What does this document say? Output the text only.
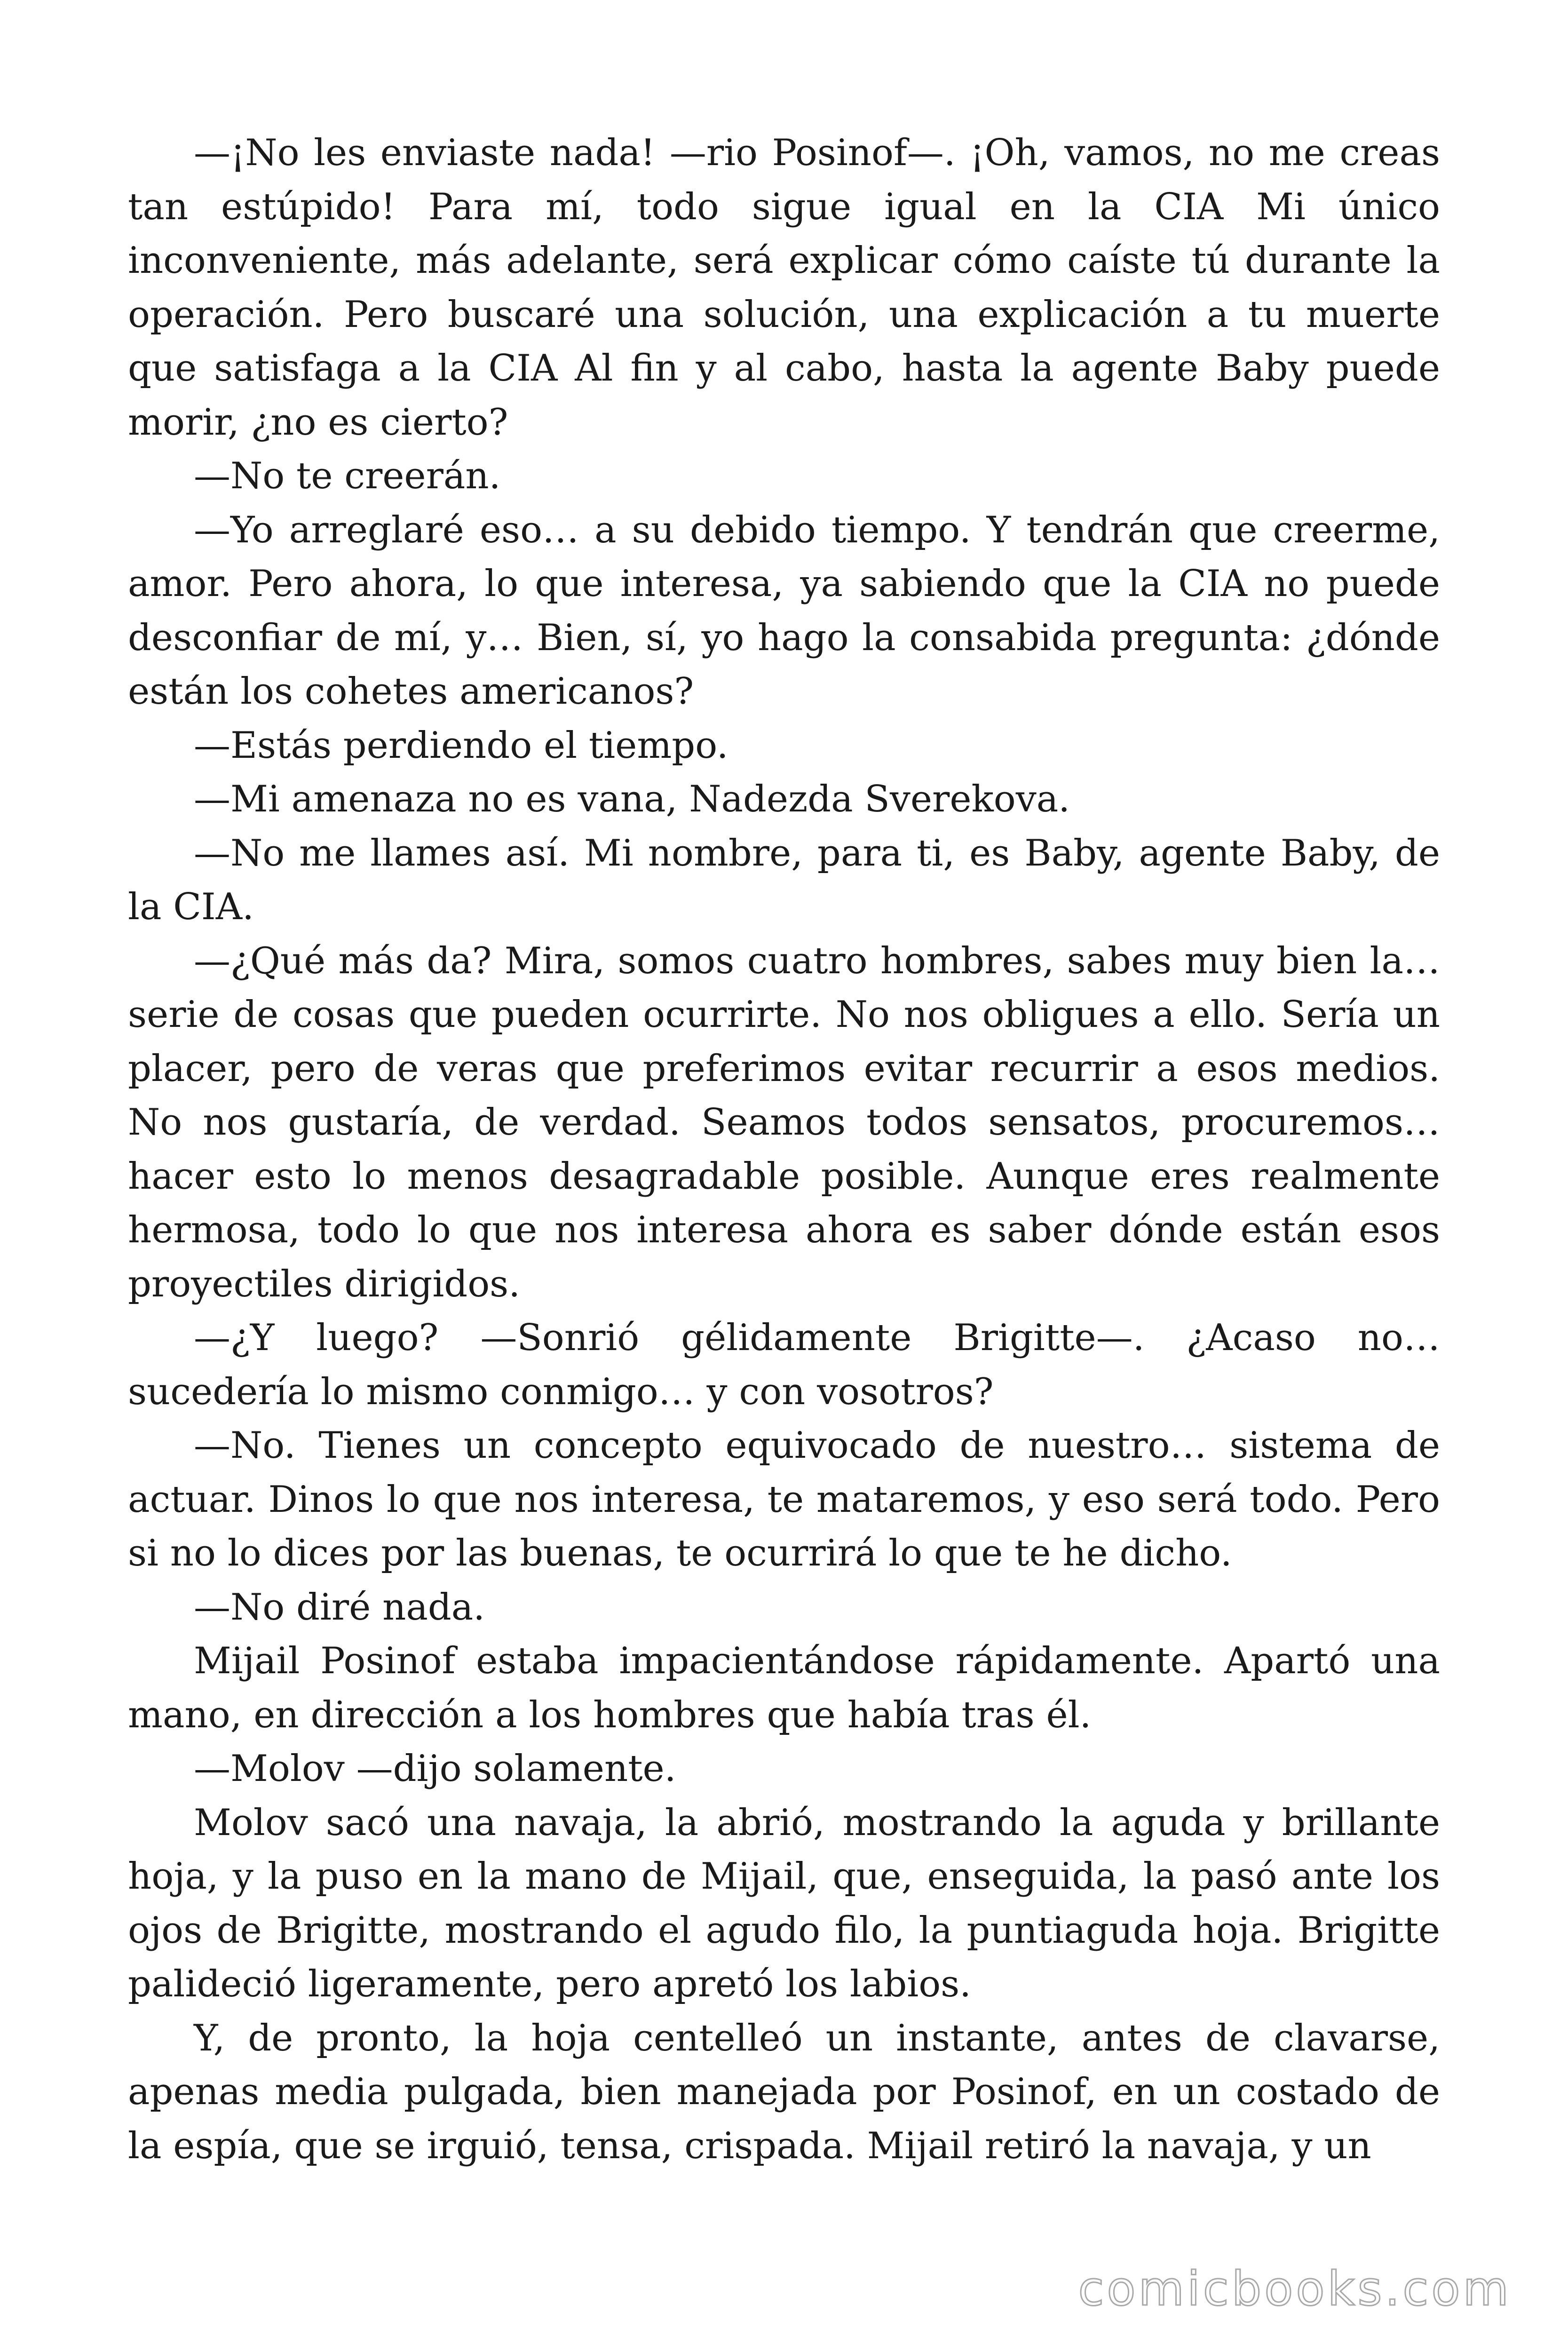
—¡No les enviaste nada! —rio Posinof—. ¡Oh, vamos, no me creas tan estúpido! Para mí, todo sigue igual en la CIA Mi único inconveniente, más adelante, será explicar cómo caíste tú durante la operación. Pero buscaré una solución, una explicación a tu muerte que satisfaga a la CIA Al fin y al cabo, hasta la agente Baby puede morir, ¿no es cierto?

—No te creerán.

—Yo arreglaré eso… a su debido tiempo. Y tendrán que creerme, amor. Pero ahora, lo que interesa, ya sabiendo que la CIA no puede desconfiar de mí, y… Bien, sí, yo hago la consabida pregunta: ¿dónde están los cohetes americanos?

—Estás perdiendo el tiempo.

—Mi amenaza no es vana, Nadezda Sverekova.

—No me llames así. Mi nombre, para ti, es Baby, agente Baby, de la CIA.

—¿Qué más da? Mira, somos cuatro hombres, sabes muy bien la… serie de cosas que pueden ocurrirte. No nos obligues a ello. Sería un placer, pero de veras que preferimos evitar recurrir a esos medios. No nos gustaría, de verdad. Seamos todos sensatos, procuremos… hacer esto lo menos desagradable posible. Aunque eres realmente hermosa, todo lo que nos interesa ahora es saber dónde están esos proyectiles dirigidos.

—¿Y luego? —Sonrió gélidamente Brigitte—. ¿Acaso no… sucedería lo mismo conmigo… y con vosotros?

—No. Tienes un concepto equivocado de nuestro… sistema de actuar. Dinos lo que nos interesa, te mataremos, y eso será todo. Pero si no lo dices por las buenas, te ocurrirá lo que te he dicho.

—No diré nada.

Mijail Posinof estaba impacientándose rápidamente. Apartó una mano, en dirección a los hombres que había tras él.

—Molov —dijo solamente.

Molov sacó una navaja, la abrió, mostrando la aguda y brillante hoja, y la puso en la mano de Mijail, que, enseguida, la pasó ante los ojos de Brigitte, mostrando el agudo filo, la puntiaguda hoja. Brigitte palideció ligeramente, pero apretó los labios.

Y, de pronto, la hoja centelleó un instante, antes de clavarse, apenas media pulgada, bien manejada por Posinof, en un costado de la espía, que se irguió, tensa, crispada. Mijail retiró la navaja, y un

comicbooks.com
